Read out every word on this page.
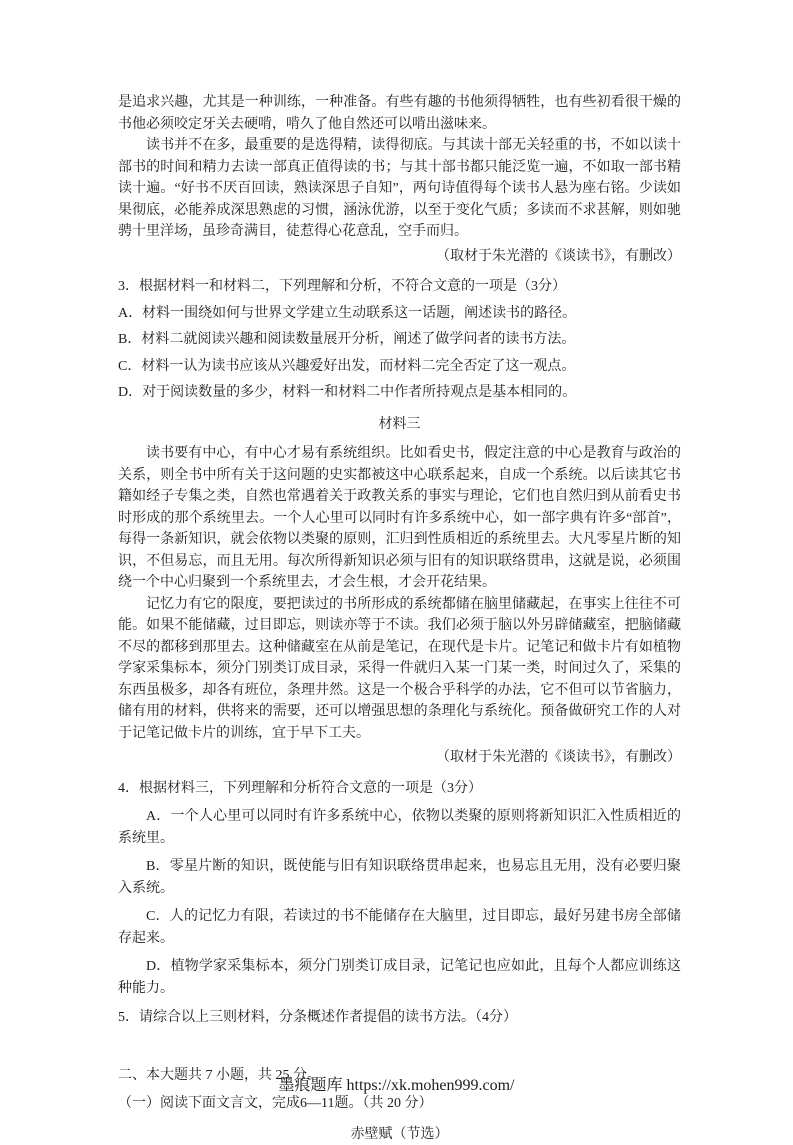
是追求兴趣，尤其是一种训练，一种准备。有些有趣的书他须得牺牲，也有些初看很干燥的书他必须咬定牙关去硬啃，啃久了他自然还可以啃出滋味来。

读书并不在多，最重要的是选得精，读得彻底。与其读十部无关轻重的书，不如以读十部书的时间和精力去读一部真正值得读的书；与其十部书都只能泛览一遍，不如取一部书精读十遍。“好书不厌百回读，熟读深思子自知”，两句诗值得每个读书人悬为座右铭。少读如果彻底，必能养成深思熟虑的习惯，涵泳优游，以至于变化气质；多读而不求甚解，则如驰骋十里洋场，虽珍奇满目，徒惹得心花意乱，空手而归。

（取材于朱光潜的《谈读书》，有删改）

3．根据材料一和材料二，下列理解和分析，不符合文意的一项是（3分）

A．材料一围绕如何与世界文学建立生动联系这一话题，阐述读书的路径。

B．材料二就阅读兴趣和阅读数量展开分析，阐述了做学问者的读书方法。

C．材料一认为读书应该从兴趣爱好出发，而材料二完全否定了这一观点。

D．对于阅读数量的多少，材料一和材料二中作者所持观点是基本相同的。

材料三

读书要有中心，有中心才易有系统组织。比如看史书，假定注意的中心是教育与政治的关系，则全书中所有关于这问题的史实都被这中心联系起来，自成一个系统。以后读其它书籍如经子专集之类，自然也常遇着关于政教关系的事实与理论，它们也自然归到从前看史书时形成的那个系统里去。一个人心里可以同时有许多系统中心，如一部字典有许多“部首”，每得一条新知识，就会依物以类聚的原则，汇归到性质相近的系统里去。大凡零星片断的知识，不但易忘，而且无用。每次所得新知识必须与旧有的知识联络贯串，这就是说，必须围绕一个中心归聚到一个系统里去，才会生根，才会开花结果。

记忆力有它的限度，要把读过的书所形成的系统都储在脑里储藏起，在事实上往往不可能。如果不能储藏，过目即忘，则读亦等于不读。我们必须于脑以外另辟储藏室，把脑储藏不尽的都移到那里去。这种储藏室在从前是笔记，在现代是卡片。记笔记和做卡片有如植物学家采集标本，须分门别类订成目录，采得一件就归入某一门某一类，时间过久了，采集的东西虽极多，却各有班位，条理井然。这是一个极合乎科学的办法，它不但可以节省脑力，储有用的材料，供将来的需要，还可以增强思想的条理化与系统化。预备做研究工作的人对于记笔记做卡片的训练，宜于早下工夫。

（取材于朱光潜的《谈读书》，有删改）

4．根据材料三，下列理解和分析符合文意的一项是（3分）

A．一个人心里可以同时有许多系统中心，依物以类聚的原则将新知识汇入性质相近的系统里。

B．零星片断的知识，既使能与旧有知识联络贯串起来，也易忘且无用，没有必要归聚入系统。

C．人的记忆力有限，若读过的书不能储存在大脑里，过目即忘，最好另建书房全部储存起来。

D．植物学家采集标本，须分门别类订成目录，记笔记也应如此，且每个人都应训练这种能力。

5．请综合以上三则材料，分条概述作者提倡的读书方法。（4分）

二、本大题共 7 小题，共 25 分。

（一）阅读下面文言文，完成6—11题。（共 20 分）

赤壁赋（节选）
墨痕题库 https://xk.mohen999.com/
